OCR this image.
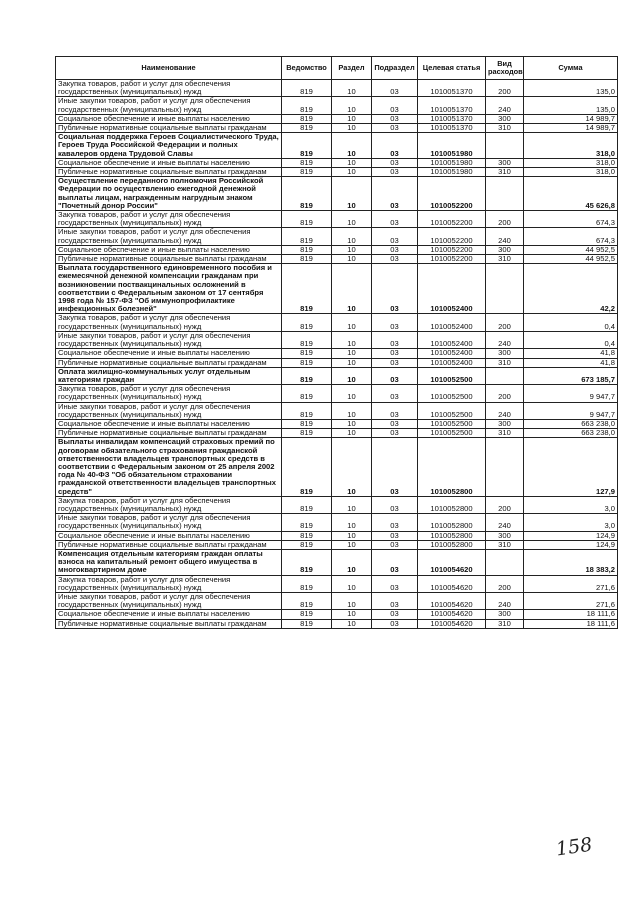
Наименование	Ведомство	Раздел	Подраздел	Целевая статья	Вид расходов	Сумма
Закупка товаров, работ и услуг для обеспечения государственных (муниципальных) нужд	819	10	03	1010051370	200	135,0
Иные закупки товаров, работ и услуг для обеспечения государственных (муниципальных) нужд	819	10	03	1010051370	240	135,0
Социальное обеспечение и иные выплаты населению	819	10	03	1010051370	300	14 989,7
Публичные нормативные социальные выплаты гражданам	819	10	03	1010051370	310	14 989,7
Социальная поддержка Героев Социалистического Труда, Героев Труда Российской Федерации и полных кавалеров ордена Трудовой Славы	819	10	03	1010051980		318,0
Социальное обеспечение и иные выплаты населению	819	10	03	1010051980	300	318,0
Публичные нормативные социальные выплаты гражданам	819	10	03	1010051980	310	318,0
Осуществление переданного полномочия Российской Федерации по осуществлению ежегодной денежной выплаты лицам, награжденным нагрудным знаком "Почетный донор России"	819	10	03	1010052200		45 626,8
Закупка товаров, работ и услуг для обеспечения государственных (муниципальных) нужд	819	10	03	1010052200	200	674,3
Иные закупки товаров, работ и услуг для обеспечения государственных (муниципальных) нужд	819	10	03	1010052200	240	674,3
Социальное обеспечение и иные выплаты населению	819	10	03	1010052200	300	44 952,5
Публичные нормативные социальные выплаты гражданам	819	10	03	1010052200	310	44 952,5
Выплата государственного единовременного пособия и ежемесячной денежной компенсации гражданам при возникновении поствакцинальных осложнений в соответствии с Федеральным законом от 17 сентября 1998 года № 157-ФЗ "Об иммунопрофилактике инфекционных болезней"	819	10	03	1010052400		42,2
Закупка товаров, работ и услуг для обеспечения государственных (муниципальных) нужд	819	10	03	1010052400	200	0,4
Иные закупки товаров, работ и услуг для обеспечения государственных (муниципальных) нужд	819	10	03	1010052400	240	0,4
Социальное обеспечение и иные выплаты населению	819	10	03	1010052400	300	41,8
Публичные нормативные социальные выплаты гражданам	819	10	03	1010052400	310	41,8
Оплата жилищно-коммунальных услуг отдельным категориям граждан	819	10	03	1010052500		673 185,7
Закупка товаров, работ и услуг для обеспечения государственных (муниципальных) нужд	819	10	03	1010052500	200	9 947,7
Иные закупки товаров, работ и услуг для обеспечения государственных (муниципальных) нужд	819	10	03	1010052500	240	9 947,7
Социальное обеспечение и иные выплаты населению	819	10	03	1010052500	300	663 238,0
Публичные нормативные социальные выплаты гражданам	819	10	03	1010052500	310	663 238,0
Выплаты инвалидам компенсаций страховых премий по договорам обязательного страхования гражданской ответственности владельцев транспортных средств в соответствии с Федеральным законом от 25 апреля 2002 года № 40-ФЗ "Об обязательном страховании гражданской ответственности владельцев транспортных средств"	819	10	03	1010052800		127,9
Закупка товаров, работ и услуг для обеспечения государственных (муниципальных) нужд	819	10	03	1010052800	200	3,0
Иные закупки товаров, работ и услуг для обеспечения государственных (муниципальных) нужд	819	10	03	1010052800	240	3,0
Социальное обеспечение и иные выплаты населению	819	10	03	1010052800	300	124,9
Публичные нормативные социальные выплаты гражданам	819	10	03	1010052800	310	124,9
Компенсация отдельным категориям граждан оплаты взноса на капитальный ремонт общего имущества в многоквартирном доме	819	10	03	1010054620		18 383,2
Закупка товаров, работ и услуг для обеспечения государственных (муниципальных) нужд	819	10	03	1010054620	200	271,6
Иные закупки товаров, работ и услуг для обеспечения государственных (муниципальных) нужд	819	10	03	1010054620	240	271,6
Социальное обеспечение и иные выплаты населению	819	10	03	1010054620	300	18 111,6
Публичные нормативные социальные выплаты гражданам	819	10	03	1010054620	310	18 111,6
158
